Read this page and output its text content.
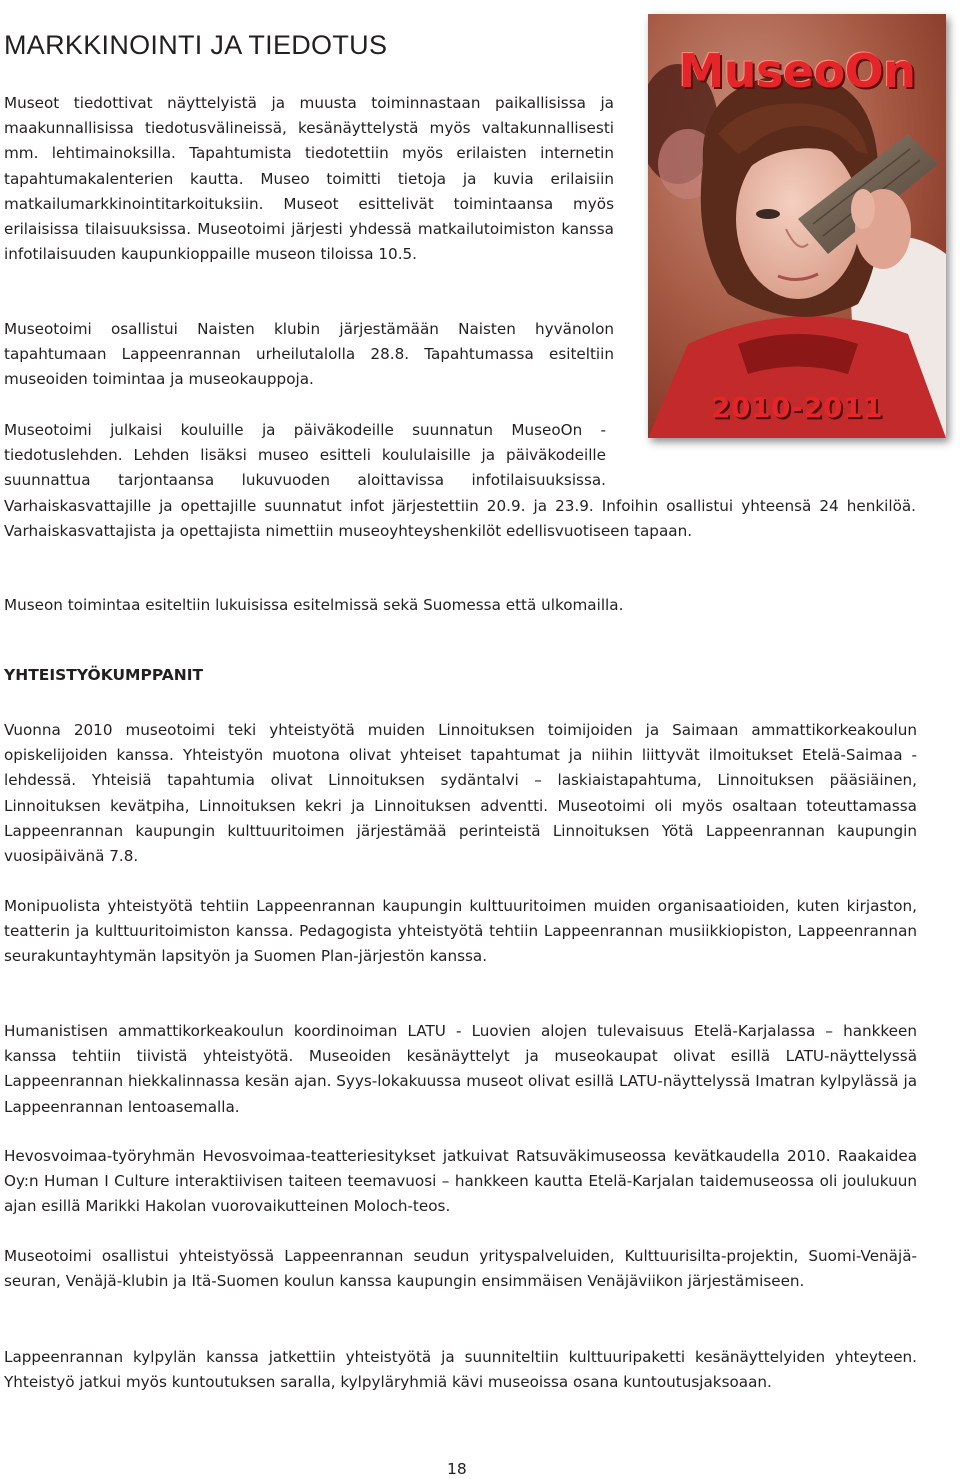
MARKKINOINTI JA TIEDOTUS	MuseoOn
2010-2011

Museot tiedottivat näyttelyistä ja muusta toiminnastaan paikallisissa ja maakunnallisissa tiedotusvälineissä, kesänäyttelystä myös valtakunnallisesti mm. lehtimainoksilla. Tapahtumista tiedotettiin myös erilaisten internetin tapahtumakalenterien kautta. Museo toimitti tietoja ja kuvia erilaisiin matkailumarkkinointitarkoituksiin. Museot esittelivät toimintaansa myös erilaisissa tilaisuuksissa. Museotoimi järjesti yhdessä matkailutoimiston kanssa infotilaisuuden kaupunkioppaille museon tiloissa 10.5.

Museotoimi osallistui Naisten klubin järjestämään Naisten hyvänolon tapahtumaan Lappeenrannan urheilutalolla 28.8. Tapahtumassa esiteltiin museoiden toimintaa ja museokauppoja.

Museotoimi julkaisi kouluille ja päiväkodeille suunnatun MuseoOn -tiedotuslehden. Lehden lisäksi museo esitteli koululaisille ja päiväkodeille suunnattua tarjontaansa lukuvuoden aloittavissa infotilaisuuksissa. Varhaiskasvattajille ja opettajille suunnatut infot järjestettiin 20.9. ja 23.9. Infoihin osallistui yhteensä 24 henkilöä. Varhaiskasvattajista ja opettajista nimettiin museoyhteyshenkilöt edellisvuotiseen tapaan.

Museon toimintaa esiteltiin lukuisissa esitelmissä sekä Suomessa että ulkomailla.

YHTEISTYÖKUMPPANIT

Vuonna 2010 museotoimi teki yhteistyötä muiden Linnoituksen toimijoiden ja Saimaan ammattikorkeakoulun opiskelijoiden kanssa. Yhteistyön muotona olivat yhteiset tapahtumat ja niihin liittyvät ilmoitukset Etelä-Saimaa -lehdessä. Yhteisiä tapahtumia olivat Linnoituksen sydäntalvi – laskiaistapahtuma, Linnoituksen pääsiäinen, Linnoituksen kevätpiha, Linnoituksen kekri ja Linnoituksen adventti. Museotoimi oli myös osaltaan toteuttamassa Lappeenrannan kaupungin kulttuuritoimen järjestämää perinteistä Linnoituksen Yötä Lappeenrannan kaupungin vuosipäivänä 7.8.

Monipuolista yhteistyötä tehtiin Lappeenrannan kaupungin kulttuuritoimen muiden organisaatioiden, kuten kirjaston, teatterin ja kulttuuritoimiston kanssa. Pedagogista yhteistyötä tehtiin Lappeenrannan musiikkiopiston, Lappeenrannan seurakuntayhtymän lapsityön ja Suomen Plan-järjestön kanssa.

Humanistisen ammattikorkeakoulun koordinoiman LATU - Luovien alojen tulevaisuus Etelä-Karjalassa – hankkeen kanssa tehtiin tiivistä yhteistyötä. Museoiden kesänäyttelyt ja museokaupat olivat esillä LATU-näyttelyssä Lappeenrannan hiekkalinnassa kesän ajan. Syys-lokakuussa museot olivat esillä LATU-näyttelyssä Imatran kylpylässä ja Lappeenrannan lentoasemalla.

Hevosvoimaa-työryhmän Hevosvoimaa-teatteriesitykset jatkuivat Ratsuväkimuseossa kevätkaudella 2010. Raakaidea Oy:n Human I Culture interaktiivisen taiteen teemavuosi – hankkeen kautta Etelä-Karjalan taidemuseossa oli joulukuun ajan esillä Marikki Hakolan vuorovaikutteinen Moloch-teos.

Museotoimi osallistui yhteistyössä Lappeenrannan seudun yrityspalveluiden, Kulttuurisilta-projektin, Suomi-Venäjä-seuran, Venäjä-klubin ja Itä-Suomen koulun kanssa kaupungin ensimmäisen Venäjäviikon järjestämiseen.

Lappeenrannan kylpylän kanssa jatkettiin yhteistyötä ja suunniteltiin kulttuuripaketti kesänäyttelyiden yhteyteen. Yhteistyö jatkui myös kuntoutuksen saralla, kylpyläryhmiä kävi museoissa osana kuntoutusjaksoaan.

18
